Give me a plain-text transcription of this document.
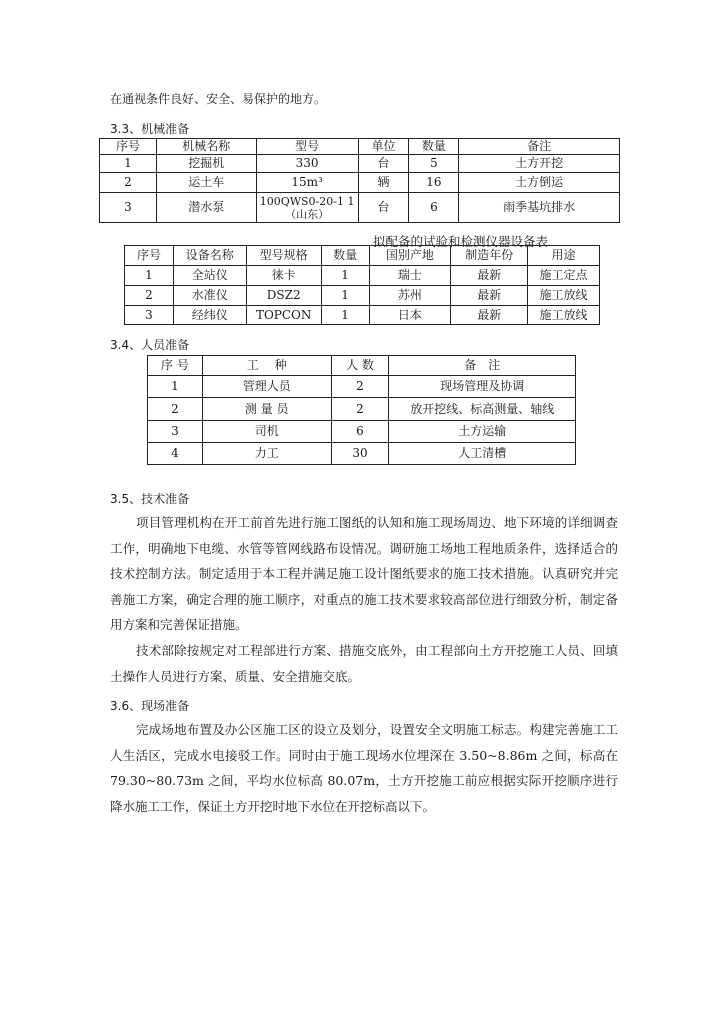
在通视条件良好、安全、易保护的地方。
3.3、机械准备
序号	机械名称	型号	单位	数量	备注
1	挖掘机	330	台	5	土方开挖
2	运土车	15m³	辆	16	土方倒运
3	潜水泵	100QWS0-20-1 1（山东）	台	6	雨季基坑排水
拟配备的试验和检测仪器设备表
序号	设备名称	型号规格	数量	国别产地	制造年份	用途
1	全站仪	徕卡	1	瑞士	最新	施工定点
2	水准仪	DSZ2	1	苏州	最新	施工放线
3	经纬仪	TOPCON	1	日本	最新	施工放线
3.4、人员准备
序 号	工　 种	人 数	备　注
1	管理人员	2	现场管理及协调
2	测 量 员	2	放开挖线、标高测量、轴线
3	司机	6	土方运输
4	力工	30	人工清槽
3.5、技术准备
项目管理机构在开工前首先进行施工图纸的认知和施工现场周边、地下环境的详细调查工作，明确地下电缆、水管等管网线路布设情况。调研施工场地工程地质条件，选择适合的 技术控制方法。制定适用于本工程并满足施工设计图纸要求的施工技术措施。认真研究并完 善施工方案，确定合理的施工顺序，对重点的施工技术要求较高部位进行细致分析，制定备 用方案和完善保证措施。
技术部除按规定对工程部进行方案、措施交底外，由工程部向土方开挖施工人员、回填土操作人员进行方案、质量、安全措施交底。
3.6、现场准备
完成场地布置及办公区施工区的设立及划分，设置安全文明施工标志。构建完善施工工人生活区，完成水电接驳工作。同时由于施工现场水位埋深在 3.50~8.86m 之间，标高在79.30~80.73m 之间，平均水位标高 80.07m，土方开挖施工前应根据实际开挖顺序进行降水施工工作，保证土方开挖时地下水位在开挖标高以下。
